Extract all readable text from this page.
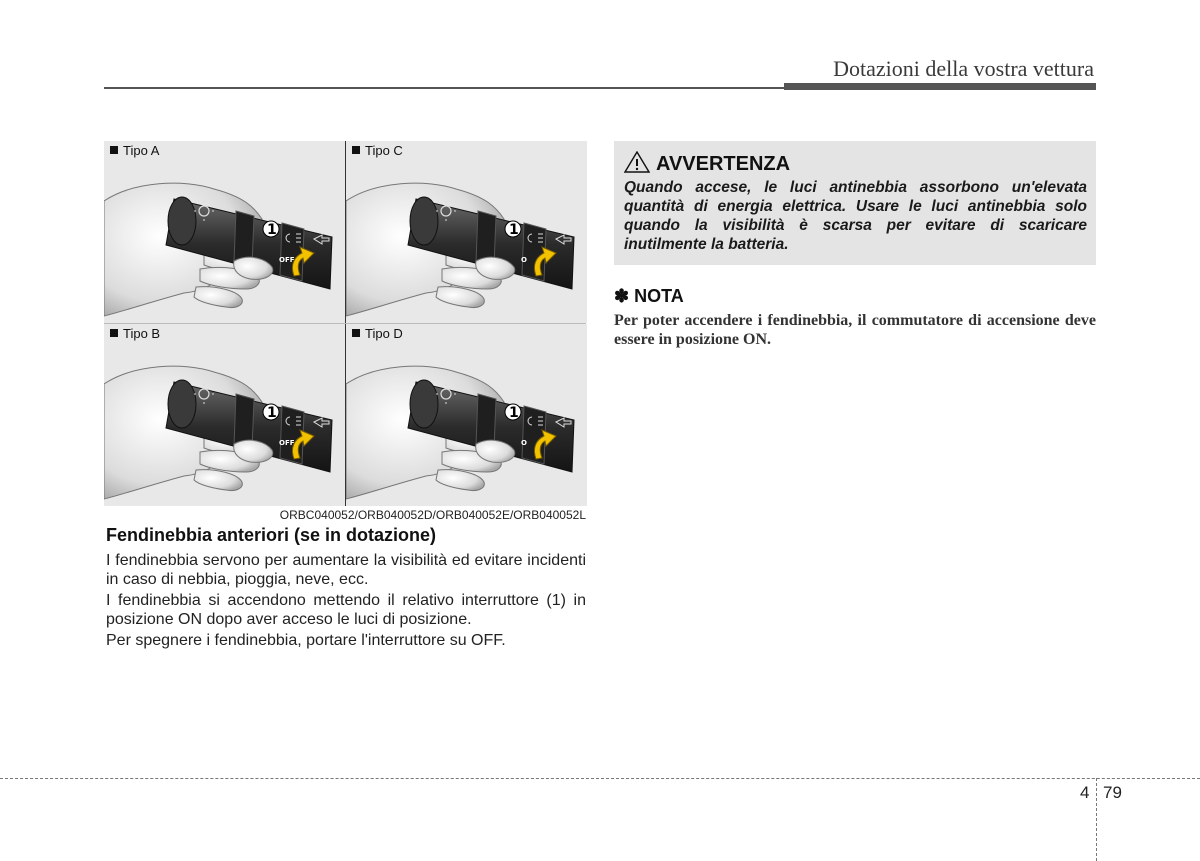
Dotazioni della vostra vettura
1
OFF
Tipo A
1
O
Tipo C
1
OFF
Tipo B
1
O
Tipo D
ORBC040052/ORB040052D/ORB040052E/ORB040052L
Fendinebbia anteriori (se in dotazione)
I fendinebbia servono per aumentare la visibilità ed evitare incidenti in caso di nebbia, pioggia, neve, ecc.
I fendinebbia si accendono mettendo il relativo interruttore (1) in posizione ON dopo aver acceso le luci di posizione.
Per spegnere i fendinebbia, portare l'interruttore su OFF.
AVVERTENZA
Quando accese, le luci antinebbia assorbono un'elevata quantità di energia elettrica. Usare le luci antinebbia solo quando la visibilità è scarsa per evitare di scaricare inutilmente la batteria.
✽ NOTA
Per poter accendere i fendinebbia, il commutatore di accensione deve essere in posizione ON.
4 79
